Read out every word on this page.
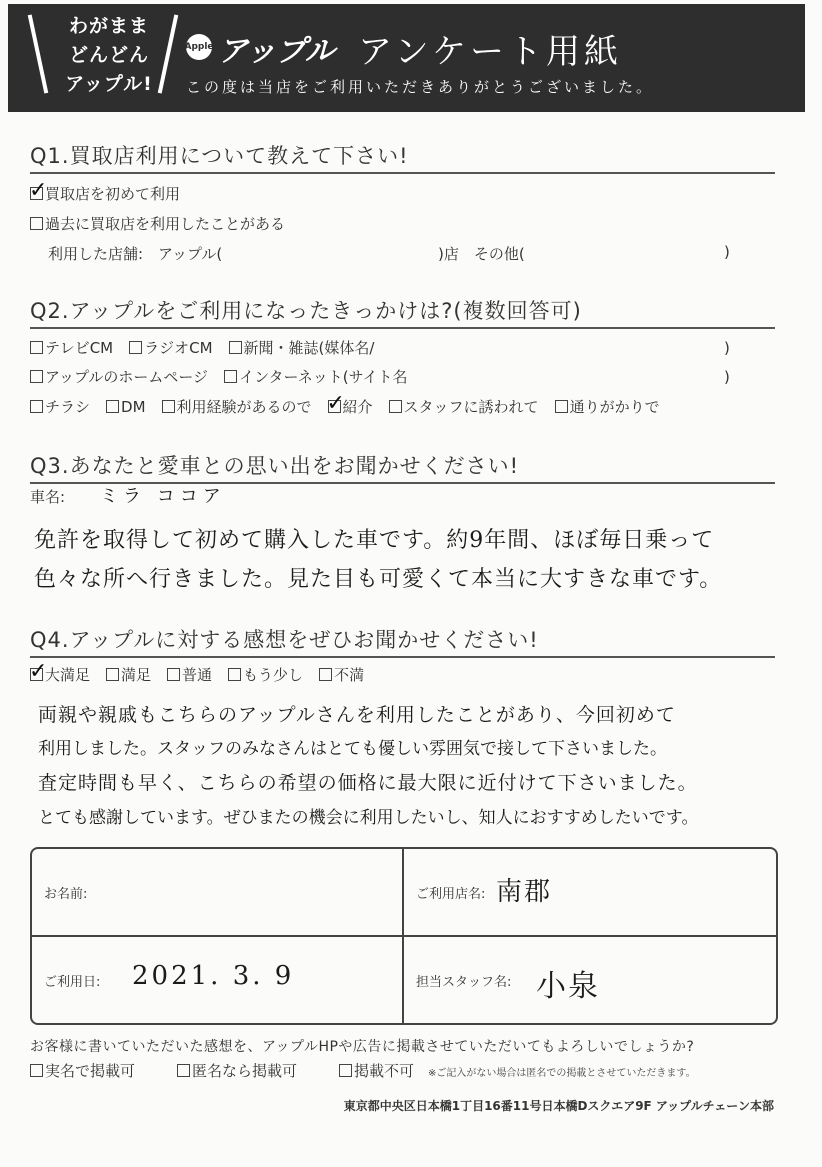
わがまま
どんどん
アップル!
Apple アップル アンケート用紙
この度は当店をご利用いただきありがとうございました。
Q1.買取店利用について教えて下さい!
✓
買取店を初めて利用
過去に買取店を利用したことがある
利用した店舗:　アップル(	)店　その他(	)
Q2.アップルをご利用になったきっかけは?(複数回答可)
テレビCM ラジオCM 新聞・雑誌(媒体名/	)
アップルのホームページ インターネット(サイト名	)
チラシ DM 利用経験があるので ✓
紹介 スタッフに誘われて 通りがかりで
Q3.あなたと愛車との思い出をお聞かせください!
車名: ミラ ココア
免許を取得して初めて購入した車です。約9年間、ほぼ毎日乗って
色々な所へ行きました。見た目も可愛くて本当に大すきな車です。
Q4.アップルに対する感想をぜひお聞かせください!
✓
大満足 満足 普通 もう少し 不満
両親や親戚もこちらのアップルさんを利用したことがあり、今回初めて
利用しました。スタッフのみなさんはとても優しい雰囲気で接して下さいました。
査定時間も早く、こちらの希望の価格に最大限に近付けて下さいました。
とても感謝しています。ぜひまたの機会に利用したいし、知人におすすめしたいです。
お名前:	ご利用店名: 南郡
ご利用日: 2021. 3. 9	担当スタッフ名: 小泉
お客様に書いていただいた感想を、アップルHPや広告に掲載させていただいてもよろしいでしょうか?
実名で掲載可	匿名なら掲載可	掲載不可 ※ご記入がない場合は匿名での掲載とさせていただきます。
東京都中央区日本橋1丁目16番11号日本橋Dスクエア9F アップルチェーン本部
